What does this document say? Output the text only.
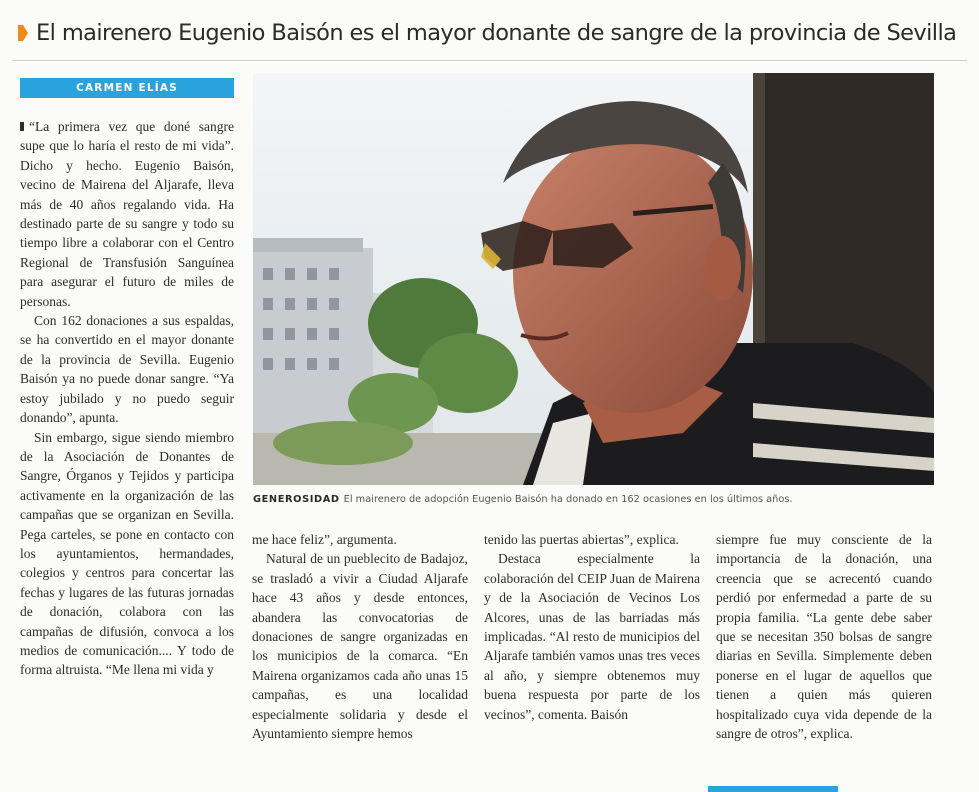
El mairenero Eugenio Baisón es el mayor donante de sangre de la provincia de Sevilla
CARMEN ELÍAS

“La primera vez que doné sangre supe que lo haría el resto de mi vida”. Dicho y hecho. Eugenio Baisón, vecino de Mairena del Aljarafe, lleva más de 40 años regalando vida. Ha destinado parte de su sangre y todo su tiempo libre a colaborar con el Centro Regional de Transfusión Sanguínea para asegurar el futuro de miles de personas.

Con 162 donaciones a sus espaldas, se ha convertido en el mayor donante de la provincia de Sevilla. Eugenio Baisón ya no puede donar sangre. “Ya estoy jubilado y no puedo seguir donando”, apunta.

Sin embargo, sigue siendo miembro de la Asociación de Donantes de Sangre, Órganos y Tejidos y participa activamente en la organización de las campañas que se organizan en Sevilla. Pega carteles, se pone en contacto con los ayuntamientos, hermandades, colegios y centros para concertar las fechas y lugares de las futuras jornadas de donación, colabora con las campañas de difusión, convoca a los medios de comunicación.... Y todo de forma altruista. “Me llena mi vida y

GENEROSIDAD El mairenero de adopción Eugenio Baisón ha donado en 162 ocasiones en los últimos años.

me hace feliz”, argumenta.

Natural de un pueblecito de Badajoz, se trasladó a vivir a Ciudad Aljarafe hace 43 años y desde entonces, abandera las convocatorias de donaciones de sangre organizadas en los municipios de la comarca. “En Mairena organizamos cada año unas 15 campañas, es una localidad especialmente solidaria y desde el Ayuntamiento siempre hemos

tenido las puertas abiertas”, explica.

Destaca especialmente la colaboración del CEIP Juan de Mairena y de la Asociación de Vecinos Los Alcores, unas de las barriadas más implicadas. “Al resto de municipios del Aljarafe también vamos unas tres veces al año, y siempre obtenemos muy buena respuesta por parte de los vecinos”, comenta. Baisón

siempre fue muy consciente de la importancia de la donación, una creencia que se acrecentó cuando perdió por enfermedad a parte de su propia familia. “La gente debe saber que se necesitan 350 bolsas de sangre diarias en Sevilla. Simplemente deben ponerse en el lugar de aquellos que tienen a quien más quieren hospitalizado cuya vida depende de la sangre de otros”, explica.
